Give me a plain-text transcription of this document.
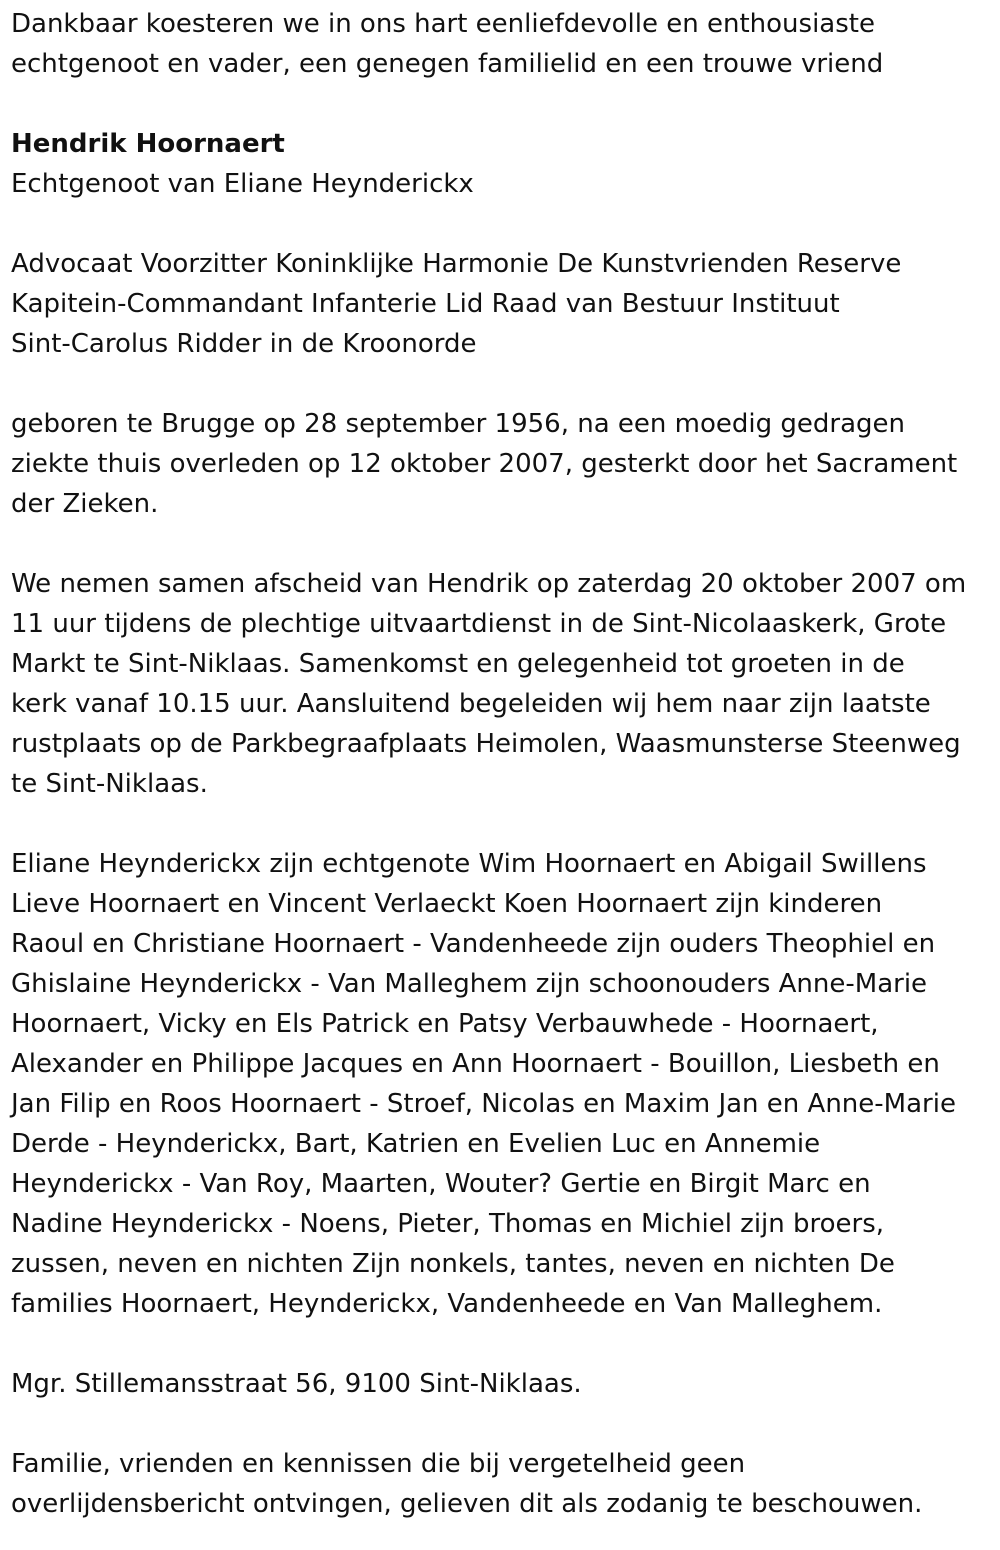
Dankbaar koesteren we in ons hart eenliefdevolle en enthousiaste
echtgenoot en vader, een genegen familielid en een trouwe vriend

Hendrik Hoornaert

Echtgenoot van Eliane Heynderickx

Advocaat Voorzitter Koninklijke Harmonie De Kunstvrienden Reserve
Kapitein-Commandant Infanterie Lid Raad van Bestuur Instituut
Sint-Carolus Ridder in de Kroonorde

geboren te Brugge op 28 september 1956, na een moedig gedragen
ziekte thuis overleden op 12 oktober 2007, gesterkt door het Sacrament
der Zieken.

We nemen samen afscheid van Hendrik op zaterdag 20 oktober 2007 om
11 uur tijdens de plechtige uitvaartdienst in de Sint-Nicolaaskerk, Grote
Markt te Sint-Niklaas. Samenkomst en gelegenheid tot groeten in de
kerk vanaf 10.15 uur. Aansluitend begeleiden wij hem naar zijn laatste
rustplaats op de Parkbegraafplaats Heimolen, Waasmunsterse Steenweg
te Sint-Niklaas.

Eliane Heynderickx zijn echtgenote Wim Hoornaert en Abigail Swillens
Lieve Hoornaert en Vincent Verlaeckt Koen Hoornaert zijn kinderen
Raoul en Christiane Hoornaert - Vandenheede zijn ouders Theophiel en
Ghislaine Heynderickx - Van Malleghem zijn schoonouders Anne-Marie
Hoornaert, Vicky en Els Patrick en Patsy Verbauwhede - Hoornaert,
Alexander en Philippe Jacques en Ann Hoornaert - Bouillon, Liesbeth en
Jan Filip en Roos Hoornaert - Stroef, Nicolas en Maxim Jan en Anne-Marie
Derde - Heynderickx, Bart, Katrien en Evelien Luc en Annemie
Heynderickx - Van Roy, Maarten, Wouter? Gertie en Birgit Marc en
Nadine Heynderickx - Noens, Pieter, Thomas en Michiel zijn broers,
zussen, neven en nichten Zijn nonkels, tantes, neven en nichten De
families Hoornaert, Heynderickx, Vandenheede en Van Malleghem.

Mgr. Stillemansstraat 56, 9100 Sint-Niklaas.

Familie, vrienden en kennissen die bij vergetelheid geen
overlijdensbericht ontvingen, gelieven dit als zodanig te beschouwen.
